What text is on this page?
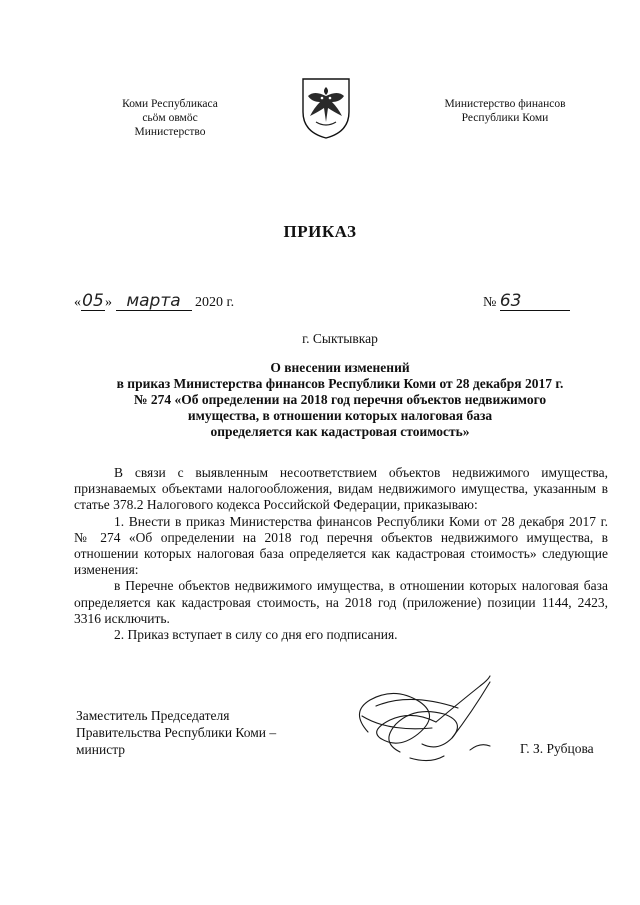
Коми Республикаса
сьӧм овмӧс
Министерство
Министерство финансов
Республики Коми
ПРИКАЗ
«05» марта 2020 г.	№ 63
г. Сыктывкар
О внесении изменений
в приказ Министерства финансов Республики Коми от 28 декабря 2017 г.
№ 274 «Об определении на 2018 год перечня объектов недвижимого
имущества, в отношении которых налоговая база
определяется как кадастровая стоимость»

В связи с выявленным несоответствием объектов недвижимого имущества, признаваемых объектами налогообложения, видам недвижимого имущества, указанным в статье 378.2 Налогового кодекса Российской Федерации, приказываю:

1. Внести в приказ Министерства финансов Республики Коми от 28 декабря 2017 г. № 274 «Об определении на 2018 год перечня объектов недвижимого имущества, в отношении которых налоговая база определяется как кадастровая стоимость» следующие изменения:

в Перечне объектов недвижимого имущества, в отношении которых налоговая база определяется как кадастровая стоимость, на 2018 год (приложение) позиции 1144, 2423, 3316 исключить.

2. Приказ вступает в силу со дня его подписания.

Заместитель Председателя
Правительства Республики Коми –
министр	Г. З. Рубцова
